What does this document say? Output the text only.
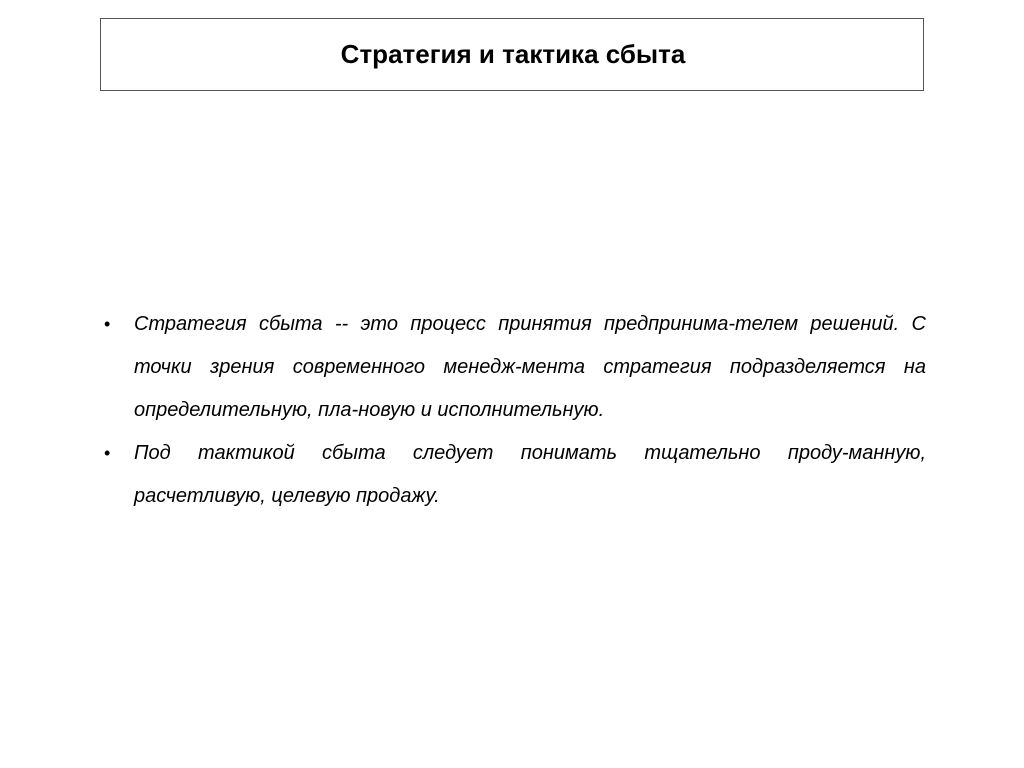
Стратегия и тактика сбыта
•	Стратегия сбыта -- это процесс принятия предпринима-телем решений. С точки зрения современного менедж-мента стратегия подразделяется на определительную, пла-новую и исполнительную.
•	Под тактикой сбыта следует понимать тщательно проду-манную, расчетливую, целевую продажу.
